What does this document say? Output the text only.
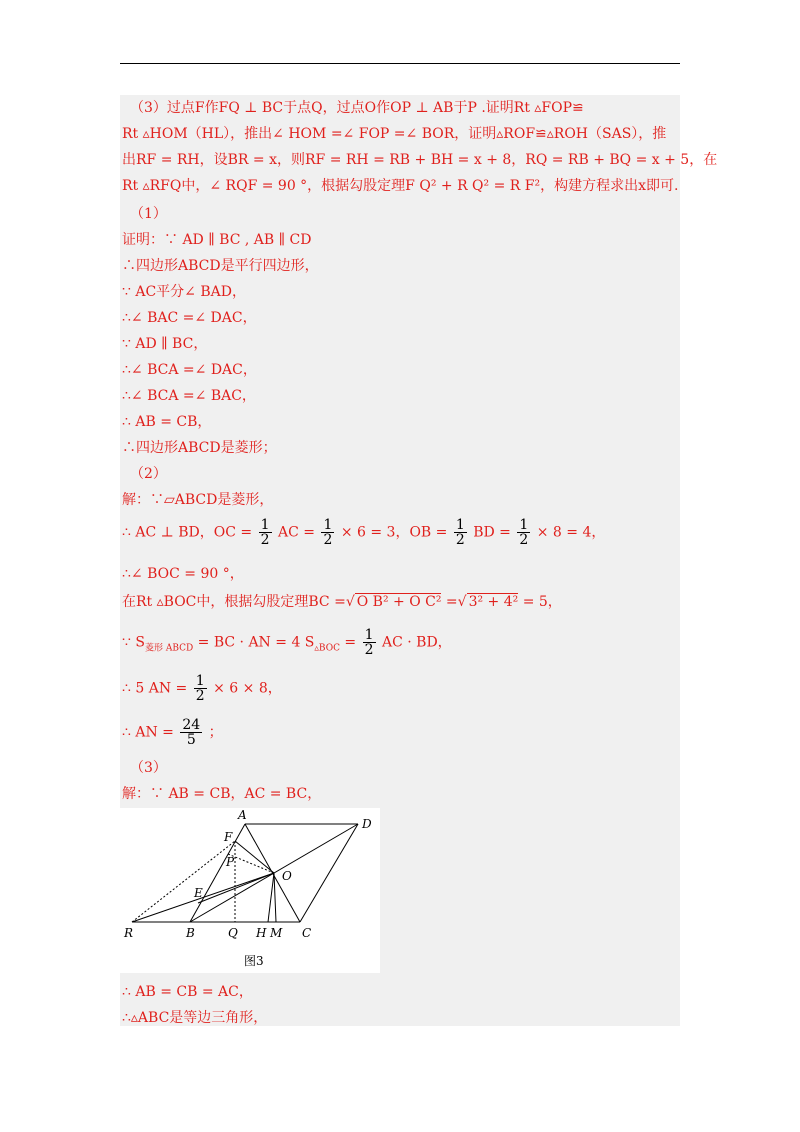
（3）过点F作FQ ⊥ BC于点Q，过点O作OP ⊥ AB于P .证明Rt ▵FOP≌
Rt ▵HOM（HL），推出∠ HOM =∠ FOP =∠ BOR，证明▵ROF≌▵ROH（SAS），推
出RF = RH，设BR = x，则RF = RH = RB + BH = x + 8，RQ = RB + BQ = x + 5，在
Rt ▵RFQ中，∠ RQF = 90 °，根据勾股定理F Q² + R Q² = R F²，构建方程求出x即可.
（1）
证明：∵ AD ∥ BC , AB ∥ CD
∴四边形ABCD是平行四边形，
∵ AC平分∠ BAD，
∴∠ BAC =∠ DAC，
∵ AD ∥ BC，
∴∠ BCA =∠ DAC，
∴∠ BCA =∠ BAC，
∴ AB = CB，
∴四边形ABCD是菱形；
（2）
解：∵▱ABCD是菱形，
∴ AC ⊥ BD，OC = $\frac{1}{2}$ AC = $\frac{1}{2} \times 6 = 3$，OB = $\frac{1}{2}$ BD = $\frac{1}{2} \times 8 = 4$，
∴∠ BOC = 90 °，
在Rt ▵BOC中，根据勾股定理BC =√ O B² + O C² =√ 3² + 4² = 5，
∵ $S_{菱形 ABCD}$ = BC · AN = 4 $S_{▵BOC} = \frac{1}{2}$ AC · BD，
∴ 5 AN = $\frac{1}{2} \times 6 \times 8$，
∴ AN = $\frac{24}{5}$ ；
（3）
解：∵ AB = CB，AC = BC，
A
D
F
P
O
E
R	B	Q H M C
图3
∴ AB = CB = AC，
∴▵ABC是等边三角形，
